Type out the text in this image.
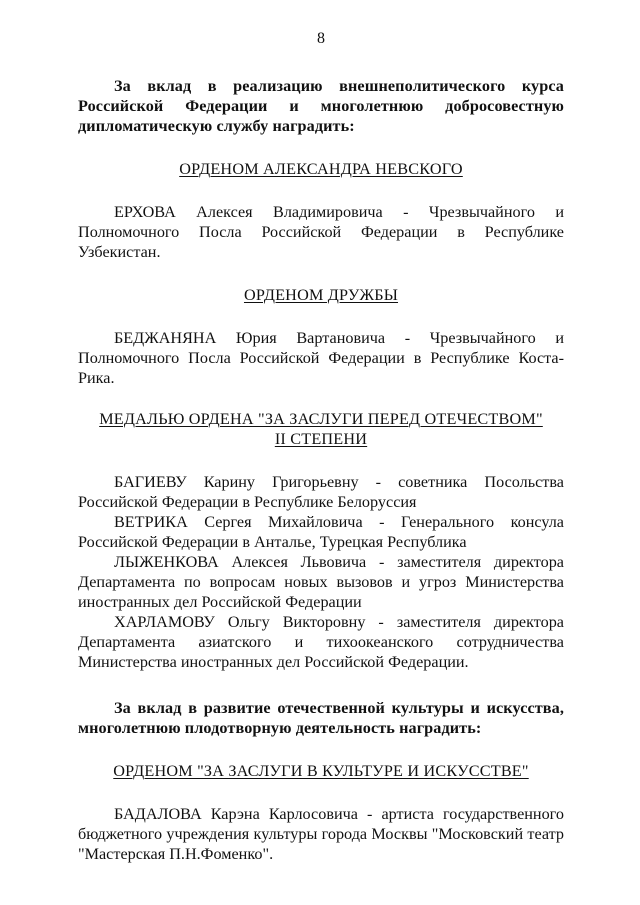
8

За вклад в реализацию внешнеполитического курса Российской Федерации и многолетнюю добросовестную дипломатическую службу наградить:

ОРДЕНОМ АЛЕКСАНДРА НЕВСКОГО

ЕРХОВА Алексея Владимировича - Чрезвычайного и Полномочного Посла Российской Федерации в Республике Узбекистан.

ОРДЕНОМ ДРУЖБЫ

БЕДЖАНЯНА Юрия Вартановича - Чрезвычайного и Полномочного Посла Российской Федерации в Республике Коста-Рика.

МЕДАЛЬЮ ОРДЕНА "ЗА ЗАСЛУГИ ПЕРЕД ОТЕЧЕСТВОМ"
II СТЕПЕНИ

БАГИЕВУ Карину Григорьевну - советника Посольства Российской Федерации в Республике Белоруссия

ВЕТРИКА Сергея Михайловича - Генерального консула Российской Федерации в Анталье, Турецкая Республика

ЛЫЖЕНКОВА Алексея Львовича - заместителя директора Департамента по вопросам новых вызовов и угроз Министерства иностранных дел Российской Федерации

ХАРЛАМОВУ Ольгу Викторовну - заместителя директора Департамента азиатского и тихоокеанского сотрудничества Министерства иностранных дел Российской Федерации.

За вклад в развитие отечественной культуры и искусства, многолетнюю плодотворную деятельность наградить:

ОРДЕНОМ "ЗА ЗАСЛУГИ В КУЛЬТУРЕ И ИСКУССТВЕ"

БАДАЛОВА Карэна Карлосовича - артиста государственного бюджетного учреждения культуры города Москвы "Московский театр "Мастерская П.Н.Фоменко".
